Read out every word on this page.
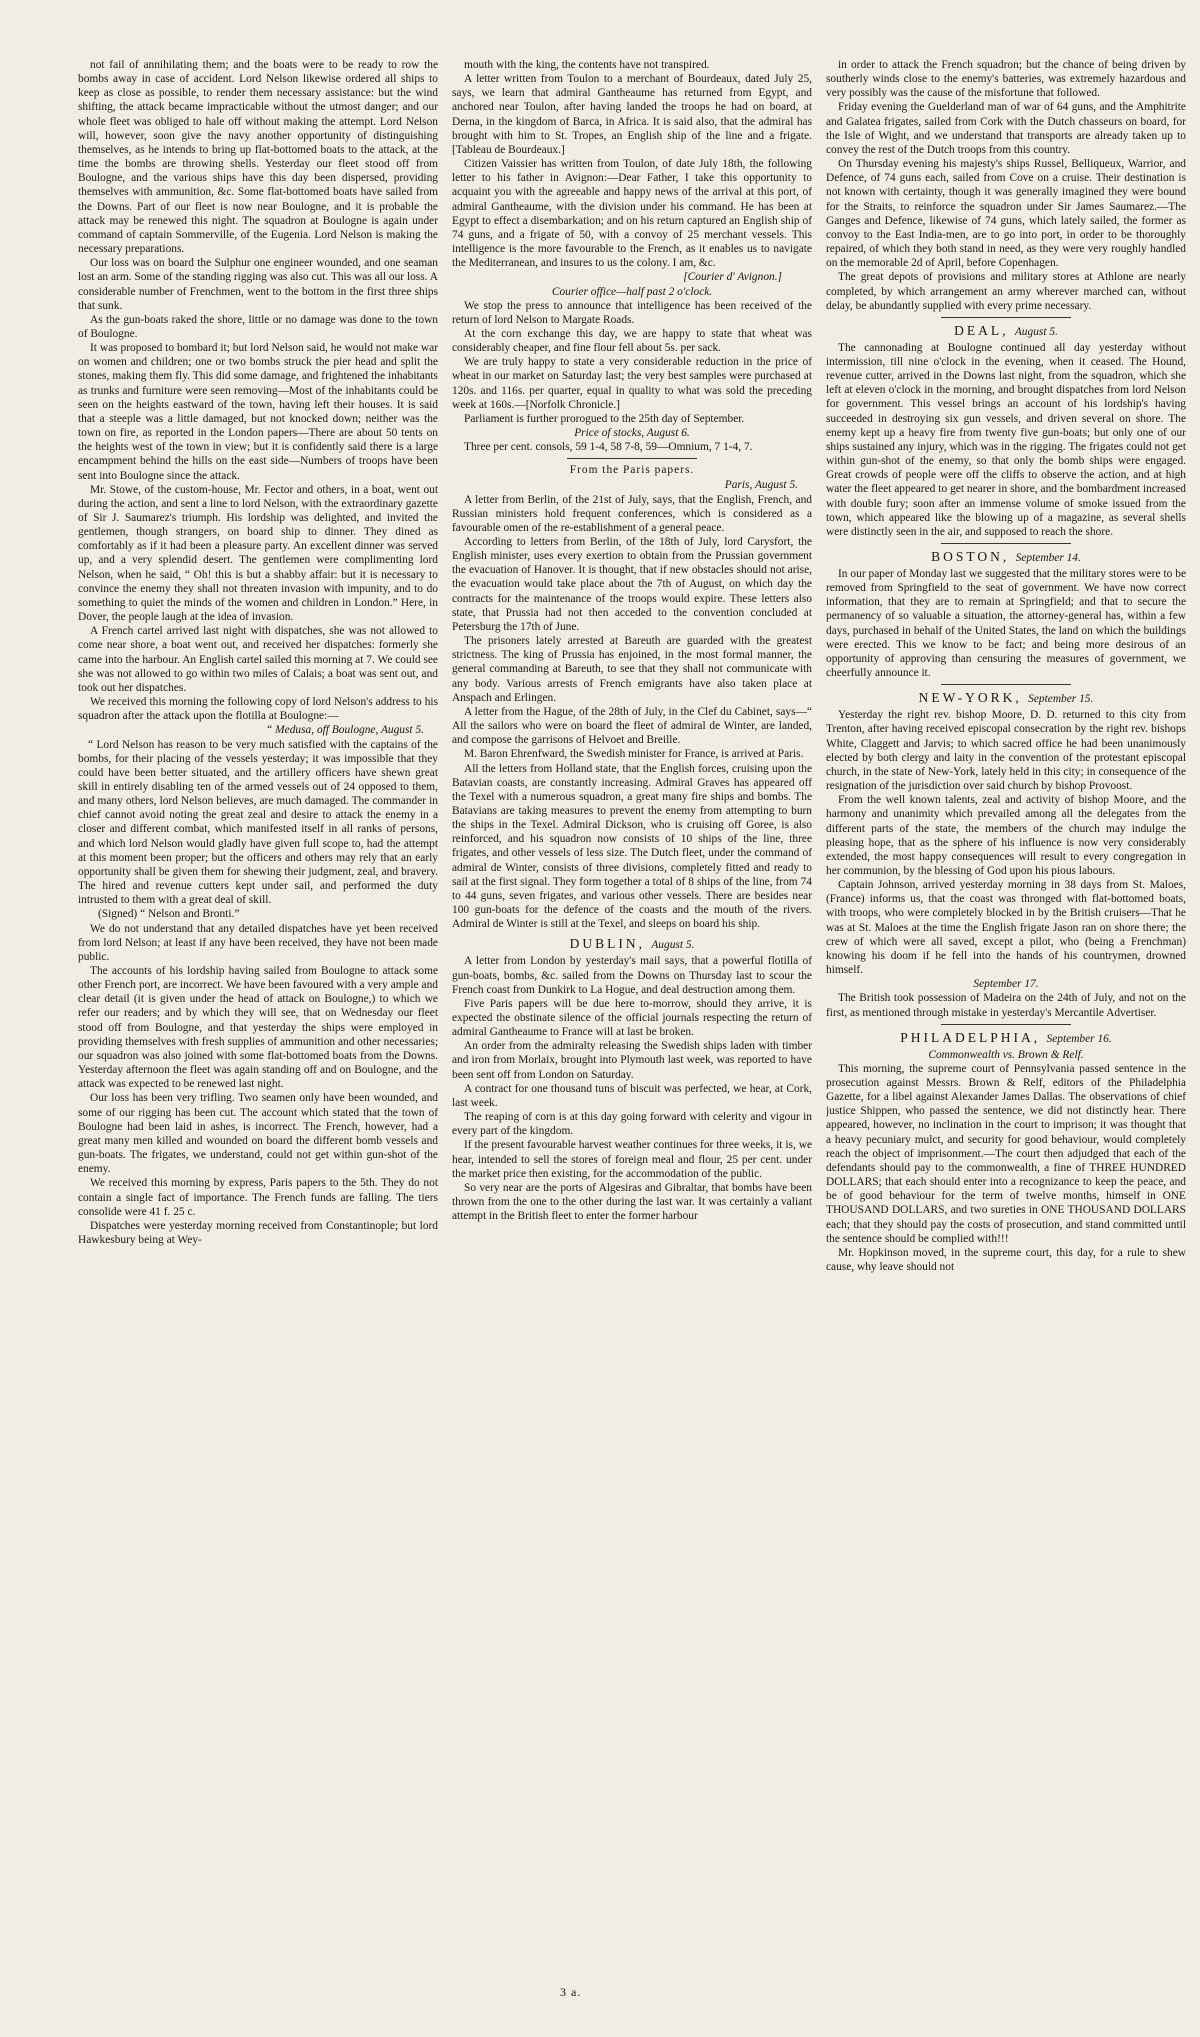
not fail of annihilating them; and the boats were to be ready to row the bombs away in case of accident. Lord Nelson likewise ordered all ships to keep as close as possible, to render them necessary assistance: but the wind shifting, the attack became impracticable without the utmost danger; and our whole fleet was obliged to hale off without making the attempt. Lord Nelson will, however, soon give the navy another opportunity of distinguishing themselves, as he intends to bring up flat-bottomed boats to the attack, at the time the bombs are throwing shells. Yesterday our fleet stood off from Boulogne, and the various ships have this day been dispersed, providing themselves with ammunition, &c. Some flat-bottomed boats have sailed from the Downs. Part of our fleet is now near Boulogne, and it is probable the attack may be renewed this night. The squadron at Boulogne is again under command of captain Sommerville, of the Eugenia. Lord Nelson is making the necessary preparations.

Our loss was on board the Sulphur one engineer wounded, and one seaman lost an arm. Some of the standing rigging was also cut. This was all our loss. A considerable number of Frenchmen, went to the bottom in the first three ships that sunk.

As the gun-boats raked the shore, little or no damage was done to the town of Boulogne.

It was proposed to bombard it; but lord Nelson said, he would not make war on women and children; one or two bombs struck the pier head and split the stones, making them fly. This did some damage, and frightened the inhabitants as trunks and furniture were seen removing—Most of the inhabitants could be seen on the heights eastward of the town, having left their houses. It is said that a steeple was a little damaged, but not knocked down; neither was the town on fire, as reported in the London papers—There are about 50 tents on the heights west of the town in view; but it is confidently said there is a large encampment behind the hills on the east side—Numbers of troops have been sent into Boulogne since the attack.

Mr. Stowe, of the custom-house, Mr. Fector and others, in a boat, went out during the action, and sent a line to lord Nelson, with the extraordinary gazette of Sir J. Saumarez's triumph. His lordship was delighted, and invited the gentlemen, though strangers, on board ship to dinner. They dined as comfortably as if it had been a pleasure party. An excellent dinner was served up, and a very splendid desert. The gentlemen were complimenting lord Nelson, when he said, “ Oh! this is but a shabby affair: but it is necessary to convince the enemy they shall not threaten invasion with impunity, and to do something to quiet the minds of the women and children in London.” Here, in Dover, the people laugh at the idea of invasion.

A French cartel arrived last night with dispatches, she was not allowed to come near shore, a boat went out, and received her dispatches: formerly she came into the harbour. An English cartel sailed this morning at 7. We could see she was not allowed to go within two miles of Calais; a boat was sent out, and took out her dispatches.

We received this morning the following copy of lord Nelson's address to his squadron after the attack upon the flotilla at Boulogne:—

“ Medusa, off Boulogne, August 5.

“ Lord Nelson has reason to be very much satisfied with the captains of the bombs, for their placing of the vessels yesterday; it was impossible that they could have been better situated, and the artillery officers have shewn great skill in entirely disabling ten of the armed vessels out of 24 opposed to them, and many others, lord Nelson believes, are much damaged. The commander in chief cannot avoid noting the great zeal and desire to attack the enemy in a closer and different combat, which manifested itself in all ranks of persons, and which lord Nelson would gladly have given full scope to, had the attempt at this moment been proper; but the officers and others may rely that an early opportunity shall be given them for shewing their judgment, zeal, and bravery. The hired and revenue cutters kept under sail, and performed the duty intrusted to them with a great deal of skill.

(Signed) “ Nelson and Bronti.”

We do not understand that any detailed dispatches have yet been received from lord Nelson; at least if any have been received, they have not been made public.

The accounts of his lordship having sailed from Boulogne to attack some other French port, are incorrect. We have been favoured with a very ample and clear detail (it is given under the head of attack on Boulogne,) to which we refer our readers; and by which they will see, that on Wednesday our fleet stood off from Boulogne, and that yesterday the ships were employed in providing themselves with fresh supplies of ammunition and other necessaries; our squadron was also joined with some flat-bottomed boats from the Downs. Yesterday afternoon the fleet was again standing off and on Boulogne, and the attack was expected to be renewed last night.

Our loss has been very trifling. Two seamen only have been wounded, and some of our rigging has been cut. The account which stated that the town of Boulogne had been laid in ashes, is incorrect. The French, however, had a great many men killed and wounded on board the different bomb vessels and gun-boats. The frigates, we understand, could not get within gun-shot of the enemy.

We received this morning by express, Paris papers to the 5th. They do not contain a single fact of importance. The French funds are falling. The tiers consolide were 41 f. 25 c.

Dispatches were yesterday morning received from Constantinople; but lord Hawkesbury being at Wey-

mouth with the king, the contents have not transpired.

A letter written from Toulon to a merchant of Bourdeaux, dated July 25, says, we learn that admiral Gantheaume has returned from Egypt, and anchored near Toulon, after having landed the troops he had on board, at Derna, in the kingdom of Barca, in Africa. It is said also, that the admiral has brought with him to St. Tropes, an English ship of the line and a frigate. [Tableau de Bourdeaux.]

Citizen Vaissier has written from Toulon, of date July 18th, the following letter to his father in Avignon:—Dear Father, I take this opportunity to acquaint you with the agreeable and happy news of the arrival at this port, of admiral Gantheaume, with the division under his command. He has been at Egypt to effect a disembarkation; and on his return captured an English ship of 74 guns, and a frigate of 50, with a convoy of 25 merchant vessels. This intelligence is the more favourable to the French, as it enables us to navigate the Mediterranean, and insures to us the colony. I am, &c.

[Courier d' Avignon.]

Courier office—half past 2 o'clock.

We stop the press to announce that intelligence has been received of the return of lord Nelson to Margate Roads.

At the corn exchange this day, we are happy to state that wheat was considerably cheaper, and fine flour fell about 5s. per sack.

We are truly happy to state a very considerable reduction in the price of wheat in our market on Saturday last; the very best samples were purchased at 120s. and 116s. per quarter, equal in quality to what was sold the preceding week at 160s.—[Norfolk Chronicle.]

Parliament is further prorogued to the 25th day of September.

Price of stocks, August 6.

Three per cent. consols, 59 1-4, 58 7-8, 59—Omnium, 7 1-4, 7.

From the Paris papers.

Paris, August 5.

A letter from Berlin, of the 21st of July, says, that the English, French, and Russian ministers hold frequent conferences, which is considered as a favourable omen of the re-establishment of a general peace.

According to letters from Berlin, of the 18th of July, lord Carysfort, the English minister, uses every exertion to obtain from the Prussian government the evacuation of Hanover. It is thought, that if new obstacles should not arise, the evacuation would take place about the 7th of August, on which day the contracts for the maintenance of the troops would expire. These letters also state, that Prussia had not then acceded to the convention concluded at Petersburg the 17th of June.

The prisoners lately arrested at Bareuth are guarded with the greatest strictness. The king of Prussia has enjoined, in the most formal manner, the general commanding at Bareuth, to see that they shall not communicate with any body. Various arrests of French emigrants have also taken place at Anspach and Erlingen.

A letter from the Hague, of the 28th of July, in the Clef du Cabinet, says—“ All the sailors who were on board the fleet of admiral de Winter, are landed, and compose the garrisons of Helvoet and Breille.

M. Baron Ehrenfward, the Swedish minister for France, is arrived at Paris.

All the letters from Holland state, that the English forces, cruising upon the Batavian coasts, are constantly increasing. Admiral Graves has appeared off the Texel with a numerous squadron, a great many fire ships and bombs. The Batavians are taking measures to prevent the enemy from attempting to burn the ships in the Texel. Admiral Dickson, who is cruising off Goree, is also reinforced, and his squadron now consists of 10 ships of the line, three frigates, and other vessels of less size. The Dutch fleet, under the command of admiral de Winter, consists of three divisions, completely fitted and ready to sail at the first signal. They form together a total of 8 ships of the line, from 74 to 44 guns, seven frigates, and various other vessels. There are besides near 100 gun-boats for the defence of the coasts and the mouth of the rivers. Admiral de Winter is still at the Texel, and sleeps on board his ship.

DUBLIN, August 5.

A letter from London by yesterday's mail says, that a powerful flotilla of gun-boats, bombs, &c. sailed from the Downs on Thursday last to scour the French coast from Dunkirk to La Hogue, and deal destruction among them.

Five Paris papers will be due here to-morrow, should they arrive, it is expected the obstinate silence of the official journals respecting the return of admiral Gantheaume to France will at last be broken.

An order from the admiralty releasing the Swedish ships laden with timber and iron from Morlaix, brought into Plymouth last week, was reported to have been sent off from London on Saturday.

A contract for one thousand tuns of biscuit was perfected, we hear, at Cork, last week.

The reaping of corn is at this day going forward with celerity and vigour in every part of the kingdom.

If the present favourable harvest weather continues for three weeks, it is, we hear, intended to sell the stores of foreign meal and flour, 25 per cent. under the market price then existing, for the accommodation of the public.

So very near are the ports of Algesiras and Gibraltar, that bombs have been thrown from the one to the other during the last war. It was certainly a valiant attempt in the British fleet to enter the former harbour

in order to attack the French squadron; but the chance of being driven by southerly winds close to the enemy's batteries, was extremely hazardous and very possibly was the cause of the misfortune that followed.

Friday evening the Guelderland man of war of 64 guns, and the Amphitrite and Galatea frigates, sailed from Cork with the Dutch chasseurs on board, for the Isle of Wight, and we understand that transports are already taken up to convey the rest of the Dutch troops from this country.

On Thursday evening his majesty's ships Russel, Belliqueux, Warrior, and Defence, of 74 guns each, sailed from Cove on a cruise. Their destination is not known with certainty, though it was generally imagined they were bound for the Straits, to reinforce the squadron under Sir James Saumarez.—The Ganges and Defence, likewise of 74 guns, which lately sailed, the former as convoy to the East India-men, are to go into port, in order to be thoroughly repaired, of which they both stand in need, as they were very roughly handled on the memorable 2d of April, before Copenhagen.

The great depots of provisions and military stores at Athlone are nearly completed, by which arrangement an army wherever marched can, without delay, be abundantly supplied with every prime necessary.

DEAL, August 5.

The cannonading at Boulogne continued all day yesterday without intermission, till nine o'clock in the evening, when it ceased. The Hound, revenue cutter, arrived in the Downs last night, from the squadron, which she left at eleven o'clock in the morning, and brought dispatches from lord Nelson for government. This vessel brings an account of his lordship's having succeeded in destroying six gun vessels, and driven several on shore. The enemy kept up a heavy fire from twenty five gun-boats; but only one of our ships sustained any injury, which was in the rigging. The frigates could not get within gun-shot of the enemy, so that only the bomb ships were engaged. Great crowds of people were off the cliffs to observe the action, and at high water the fleet appeared to get nearer in shore, and the bombardment increased with double fury; soon after an immense volume of smoke issued from the town, which appeared like the blowing up of a magazine, as several shells were distinctly seen in the air, and supposed to reach the shore.

BOSTON, September 14.

In our paper of Monday last we suggested that the military stores were to be removed from Springfield to the seat of government. We have now correct information, that they are to remain at Springfield; and that to secure the permanency of so valuable a situation, the attorney-general has, within a few days, purchased in behalf of the United States, the land on which the buildings were erected. This we know to be fact; and being more desirous of an opportunity of approving than censuring the measures of government, we cheerfully announce it.

NEW-YORK, September 15.

Yesterday the right rev. bishop Moore, D. D. returned to this city from Trenton, after having received episcopal consecration by the right rev. bishops White, Claggett and Jarvis; to which sacred office he had been unanimously elected by both clergy and laity in the convention of the protestant episcopal church, in the state of New-York, lately held in this city; in consequence of the resignation of the jurisdiction over said church by bishop Provoost.

From the well known talents, zeal and activity of bishop Moore, and the harmony and unanimity which prevailed among all the delegates from the different parts of the state, the members of the church may indulge the pleasing hope, that as the sphere of his influence is now very considerably extended, the most happy consequences will result to every congregation in her communion, by the blessing of God upon his pious labours.

Captain Johnson, arrived yesterday morning in 38 days from St. Maloes, (France) informs us, that the coast was thronged with flat-bottomed boats, with troops, who were completely blocked in by the British cruisers—That he was at St. Maloes at the time the English frigate Jason ran on shore there; the crew of which were all saved, except a pilot, who (being a Frenchman) knowing his doom if he fell into the hands of his countrymen, drowned himself.

September 17.

The British took possession of Madeira on the 24th of July, and not on the first, as mentioned through mistake in yesterday's Mercantile Advertiser.

PHILADELPHIA, September 16.

Commonwealth vs. Brown & Relf.

This morning, the supreme court of Pennsylvania passed sentence in the prosecution against Messrs. Brown & Relf, editors of the Philadelphia Gazette, for a libel against Alexander James Dallas. The observations of chief justice Shippen, who passed the sentence, we did not distinctly hear. There appeared, however, no inclination in the court to imprison; it was thought that a heavy pecuniary mulct, and security for good behaviour, would completely reach the object of imprisonment.—The court then adjudged that each of the defendants should pay to the commonwealth, a fine of THREE HUNDRED DOLLARS; that each should enter into a recognizance to keep the peace, and be of good behaviour for the term of twelve months, himself in ONE THOUSAND DOLLARS, and two sureties in ONE THOUSAND DOLLARS each; that they should pay the costs of prosecution, and stand committed until the sentence should be complied with!!!

Mr. Hopkinson moved, in the supreme court, this day, for a rule to shew cause, why leave should not

3 a.
